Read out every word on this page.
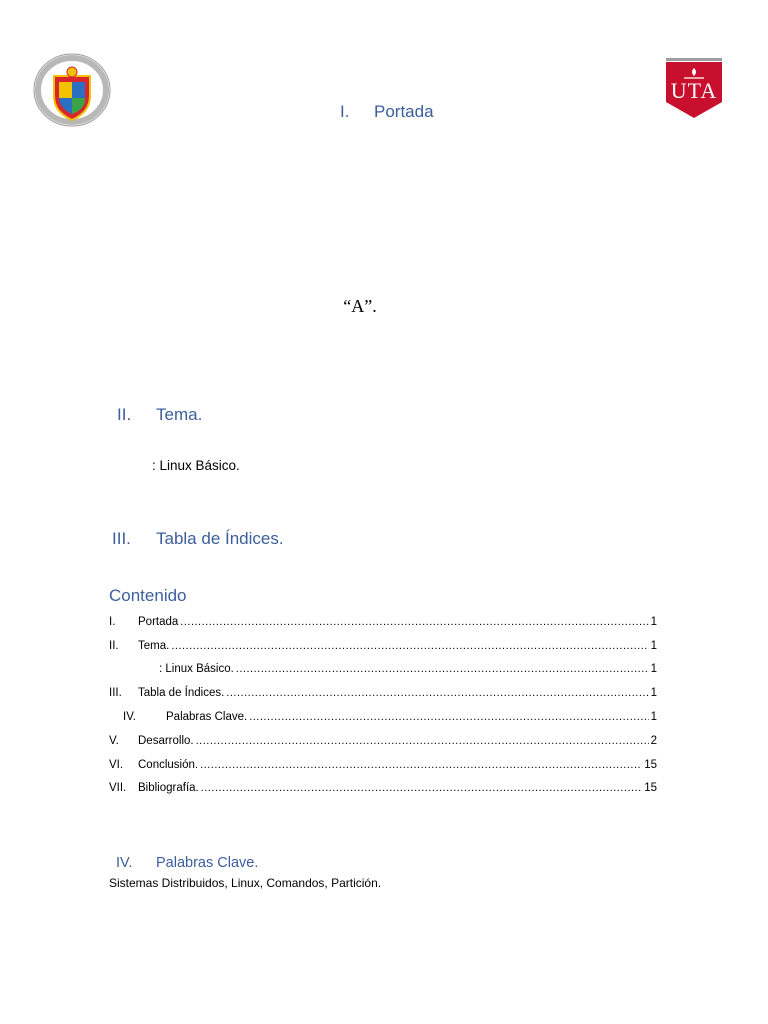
UTA
I.	Portada
“A”.
II.	Tema.
: Linux Básico.
III.	Tabla de Índices.
Contenido
I.	Portada .....	1
II.	Tema. .....	1
: Linux Básico. .....	1
III.	Tabla de Índices. .....	1
IV.	Palabras Clave. .....	1
V.	Desarrollo. .....	2
VI.	Conclusión. .....	15
VII.	Bibliografía. .....	15
IV.	Palabras Clave.
Sistemas Distribuidos, Linux, Comandos, Partición.
